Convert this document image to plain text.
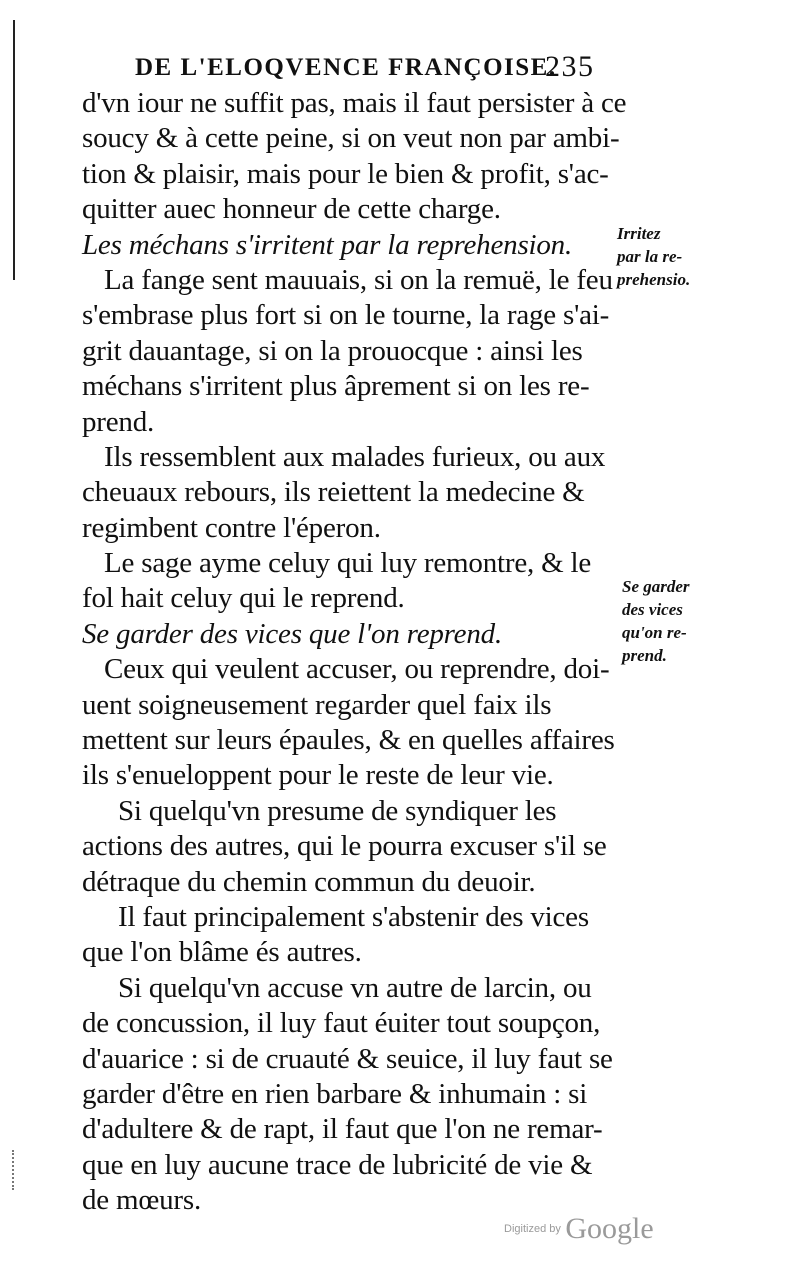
DE L'ELOQVENCE FRANÇOISE.
235
d'vn iour ne suffit pas, mais il faut persister à ce
soucy & à cette peine, si on veut non par ambi-
tion & plaisir, mais pour le bien & profit, s'ac-
quitter auec honneur de cette charge.
Les méchans s'irritent par la reprehension.
La fange sent mauuais, si on la remuë, le feu
s'embrase plus fort si on le tourne, la rage s'ai-
grit dauantage, si on la prouocque : ainsi les
méchans s'irritent plus âprement si on les re-
prend.
Ils ressemblent aux malades furieux, ou aux
cheuaux rebours, ils reiettent la medecine &
regimbent contre l'éperon.
Le sage ayme celuy qui luy remontre, & le
fol hait celuy qui le reprend.
Se garder des vices que l'on reprend.
Ceux qui veulent accuser, ou reprendre, doi-
uent soigneusement regarder quel faix ils
mettent sur leurs épaules, & en quelles affaires
ils s'enueloppent pour le reste de leur vie.
Si quelqu'vn presume de syndiquer les
actions des autres, qui le pourra excuser s'il se
détraque du chemin commun du deuoir.
Il faut principalement s'abstenir des vices
que l'on blâme és autres.
Si quelqu'vn accuse vn autre de larcin, ou
de concussion, il luy faut éuiter tout soupçon,
d'auarice : si de cruauté & seuice, il luy faut se
garder d'être en rien barbare & inhumain : si
d'adultere & de rapt, il faut que l'on ne remar-
que en luy aucune trace de lubricité de vie &
de mœurs.
Irritez
par la re-
prehensio.
Se garder
des vices
qu'on re-
prend.
$^{Digitized by}$ Google
